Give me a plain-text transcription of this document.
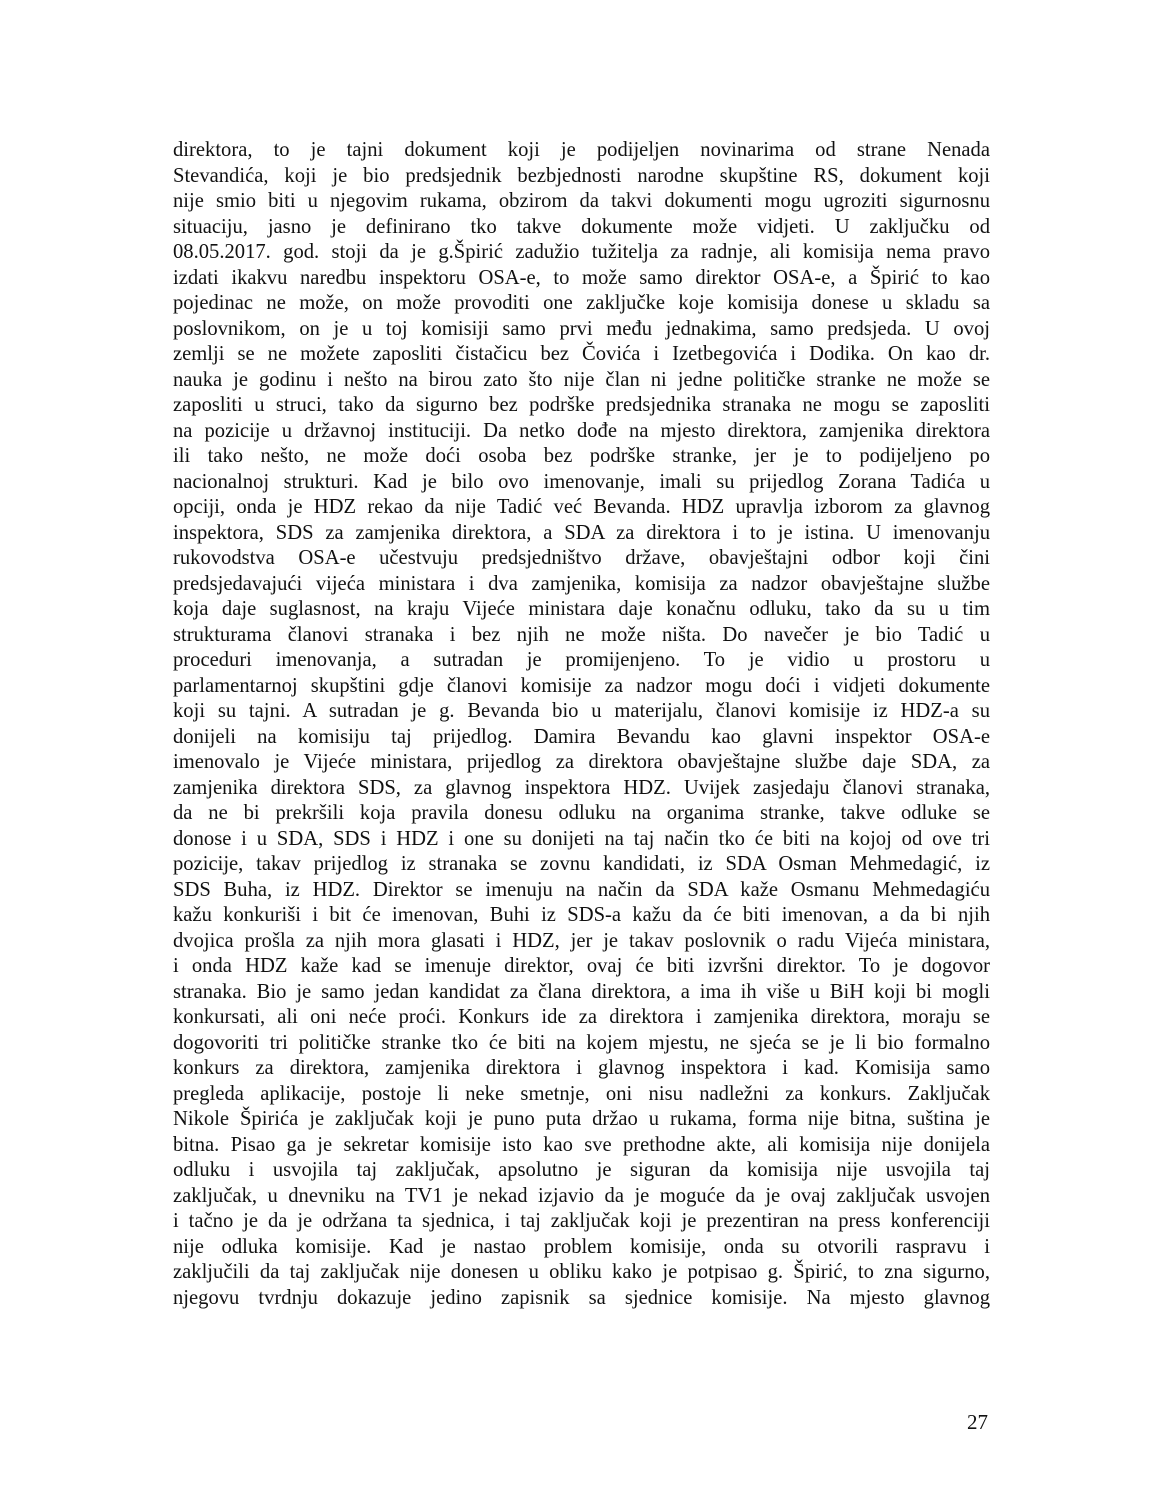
direktora, to je tajni dokument koji je podijeljen novinarima od strane Nenada
Stevandića, koji je bio predsjednik bezbjednosti narodne skupštine RS, dokument koji
nije smio biti u njegovim rukama, obzirom da takvi dokumenti mogu ugroziti sigurnosnu
situaciju, jasno je definirano tko takve dokumente može vidjeti. U zaključku od
08.05.2017. god. stoji da je g.Špirić zadužio tužitelja za radnje, ali komisija nema pravo
izdati ikakvu naredbu inspektoru OSA-e, to može samo direktor OSA-e, a Špirić to kao
pojedinac ne može, on može provoditi one zaključke koje komisija donese u skladu sa
poslovnikom, on je u toj komisiji samo prvi među jednakima, samo predsjeda. U ovoj
zemlji se ne možete zaposliti čistačicu bez Čovića i Izetbegovića i Dodika. On kao dr.
nauka je godinu i nešto na birou zato što nije član ni jedne političke stranke ne može se
zaposliti u struci, tako da sigurno bez podrške predsjednika stranaka ne mogu se zaposliti
na pozicije u državnoj instituciji. Da netko dođe na mjesto direktora, zamjenika direktora
ili tako nešto, ne može doći osoba bez podrške stranke, jer je to podijeljeno po
nacionalnoj strukturi. Kad je bilo ovo imenovanje, imali su prijedlog Zorana Tadića u
opciji, onda je HDZ rekao da nije Tadić već Bevanda. HDZ upravlja izborom za glavnog
inspektora, SDS za zamjenika direktora, a SDA za direktora i to je istina. U imenovanju
rukovodstva OSA-e učestvuju predsjedništvo države, obavještajni odbor koji čini
predsjedavajući vijeća ministara i dva zamjenika, komisija za nadzor obavještajne službe
koja daje suglasnost, na kraju Vijeće ministara daje konačnu odluku, tako da su u tim
strukturama članovi stranaka i bez njih ne može ništa. Do navečer je bio Tadić u
proceduri imenovanja, a sutradan je promijenjeno. To je vidio u prostoru u
parlamentarnoj skupštini gdje članovi komisije za nadzor mogu doći i vidjeti dokumente
koji su tajni. A sutradan je g. Bevanda bio u materijalu, članovi komisije iz HDZ-a su
donijeli na komisiju taj prijedlog. Damira Bevandu kao glavni inspektor OSA-e
imenovalo je Vijeće ministara, prijedlog za direktora obavještajne službe daje SDA, za
zamjenika direktora SDS, za glavnog inspektora HDZ. Uvijek zasjedaju članovi stranaka,
da ne bi prekršili koja pravila donesu odluku na organima stranke, takve odluke se
donose i u SDA, SDS i HDZ i one su donijeti na taj način tko će biti na kojoj od ove tri
pozicije, takav prijedlog iz stranaka se zovnu kandidati, iz SDA Osman Mehmedagić, iz
SDS Buha, iz HDZ. Direktor se imenuju na način da SDA kaže Osmanu Mehmedagiću
kažu konkuriši i bit će imenovan, Buhi iz SDS-a kažu da će biti imenovan, a da bi njih
dvojica prošla za njih mora glasati i HDZ, jer je takav poslovnik o radu Vijeća ministara,
i onda HDZ kaže kad se imenuje direktor, ovaj će biti izvršni direktor. To je dogovor
stranaka. Bio je samo jedan kandidat za člana direktora, a ima ih više u BiH koji bi mogli
konkursati, ali oni neće proći. Konkurs ide za direktora i zamjenika direktora, moraju se
dogovoriti tri političke stranke tko će biti na kojem mjestu, ne sjeća se je li bio formalno
konkurs za direktora, zamjenika direktora i glavnog inspektora i kad. Komisija samo
pregleda aplikacije, postoje li neke smetnje, oni nisu nadležni za konkurs. Zaključak
Nikole Špirića je zaključak koji je puno puta držao u rukama, forma nije bitna, suština je
bitna. Pisao ga je sekretar komisije isto kao sve prethodne akte, ali komisija nije donijela
odluku i usvojila taj zaključak, apsolutno je siguran da komisija nije usvojila taj
zaključak, u dnevniku na TV1 je nekad izjavio da je moguće da je ovaj zaključak usvojen
i tačno je da je održana ta sjednica, i taj zaključak koji je prezentiran na press konferenciji
nije odluka komisije. Kad je nastao problem komisije, onda su otvorili raspravu i
zaključili da taj zaključak nije donesen u obliku kako je potpisao g. Špirić, to zna sigurno,
njegovu tvrdnju dokazuje jedino zapisnik sa sjednice komisije. Na mjesto glavnog
27
